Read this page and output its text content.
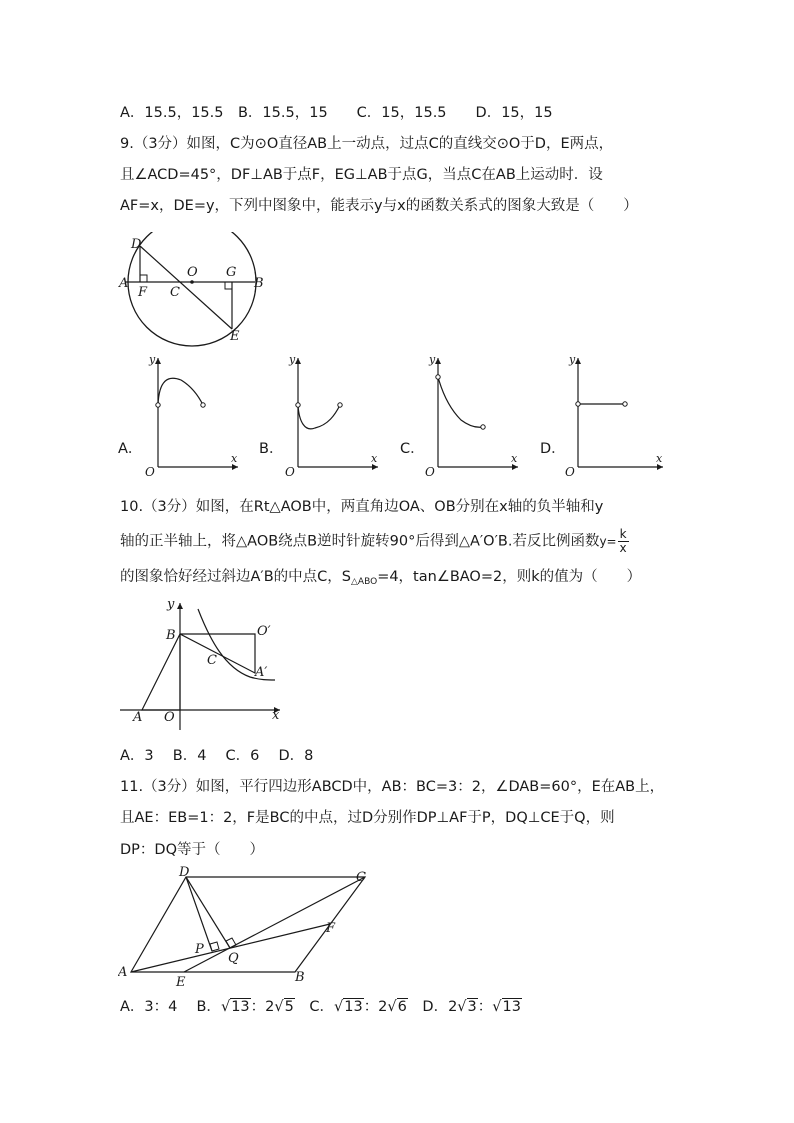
A．15.5，15.5　B．15.5，15　　C．15，15.5　　D．15，15
9.（3分）如图，C为⊙O直径AB上一动点，过点C的直线交⊙O于D，E两点，
且∠ACD=45°，DF⊥AB于点F，EG⊥AB于点G，当点C在AB上运动时．设
AF=x，DE=y，下列中图象中，能表示y与x的函数关系式的图象大致是（　　）
D
A
F C
O G
B
E
A．
y
x
O
B．
y
x
O
C．
y
x
O
D．
y
x
O
10.（3分）如图，在Rt△AOB中，两直角边OA、OB分别在x轴的负半轴和y
轴的正半轴上，将△AOB绕点B逆时针旋转90°后得到△A′O′B.若反比例函数$y= \frac{k}{x}$
的图象恰好经过斜边A′B的中点C，$S_{\triangle ABO}=4$，tan∠BAO=2，则k的值为（　　）
y
B	O′
C
A′
A O	x
A．3　 B．4　 C．6　 D．8
11.（3分）如图，平行四边形ABCD中，AB：BC=3：2，∠DAB=60°，E在AB上，
且AE：EB=1：2，F是BC的中点，过D分别作DP⊥AF于P，DQ⊥CE于Q，则
DP：DQ等于（　　）
D	C
F
P
Q
A
E	B
A．3：4　 B．√13：2√5　C．√13：2√6　D．2√3：√13
